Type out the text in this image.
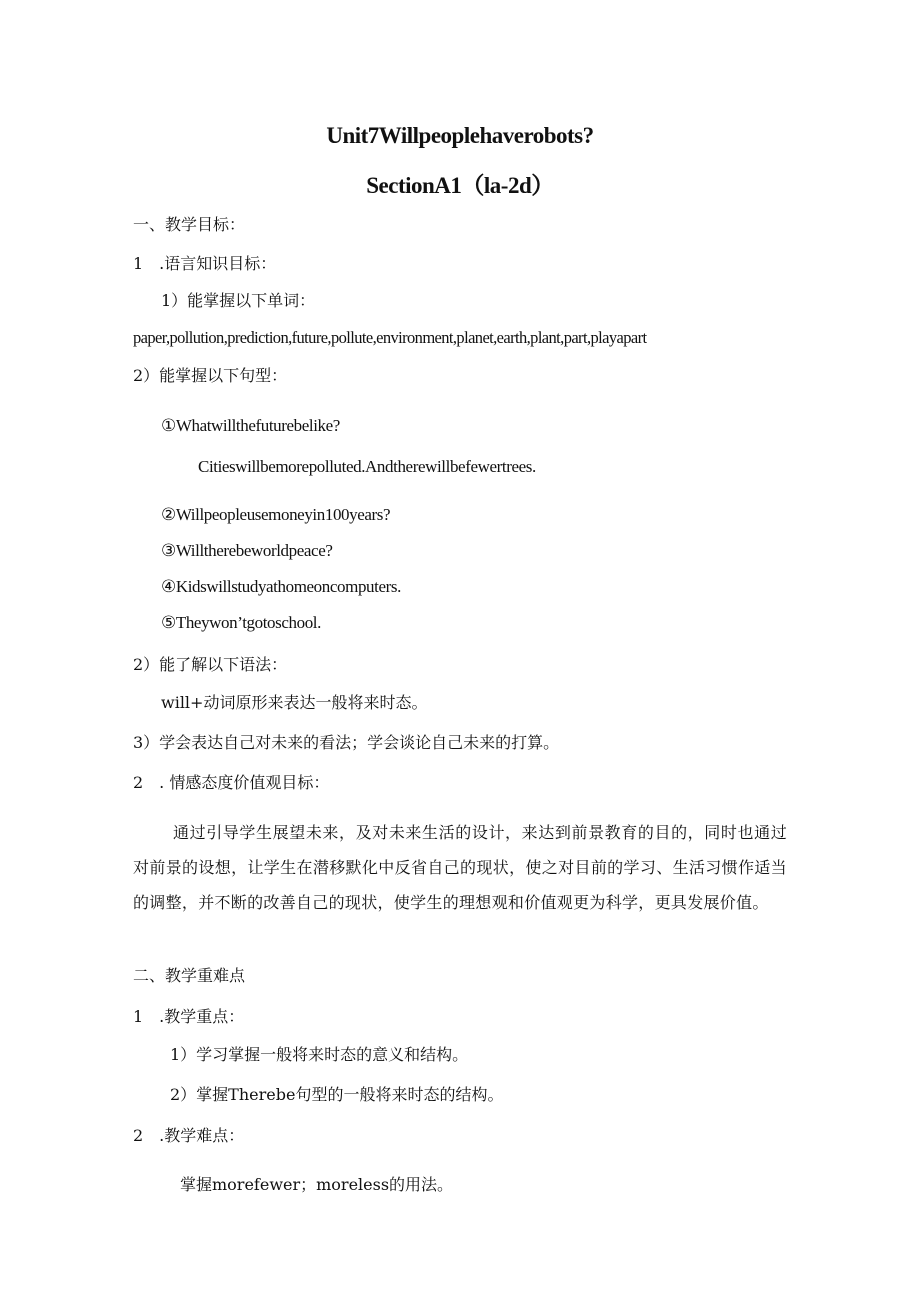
Unit7Willpeoplehaverobots?
SectionA1（la-2d）
一、教学目标：
1　.语言知识目标：
1）能掌握以下单词：
paper,pollution,prediction,future,pollute,environment,planet,earth,plant,part,playapart
2）能掌握以下句型：
①Whatwillthefuturebelike?
Citieswillbemorepolluted.Andtherewillbefewertrees.
②Willpeopleusemoneyin100years?
③Willtherebeworldpeace?
④Kidswillstudyathomeoncomputers.
⑤Theywon’tgotoschool.
2）能了解以下语法：
will+动词原形来表达一般将来时态。
3）学会表达自己对未来的看法；学会谈论自己未来的打算。
2　. 情感态度价值观目标：
通过引导学生展望未来，及对未来生活的设计，来达到前景教育的目的，同时也通过对前景的设想，让学生在潜移默化中反省自己的现状，使之对目前的学习、生活习惯作适当的调整，并不断的改善自己的现状，使学生的理想观和价值观更为科学，更具发展价值。
二、教学重难点
1　.教学重点：
1）学习掌握一般将来时态的意义和结构。
2）掌握Therebe句型的一般将来时态的结构。
2　.教学难点：
掌握morefewer；moreless的用法。
